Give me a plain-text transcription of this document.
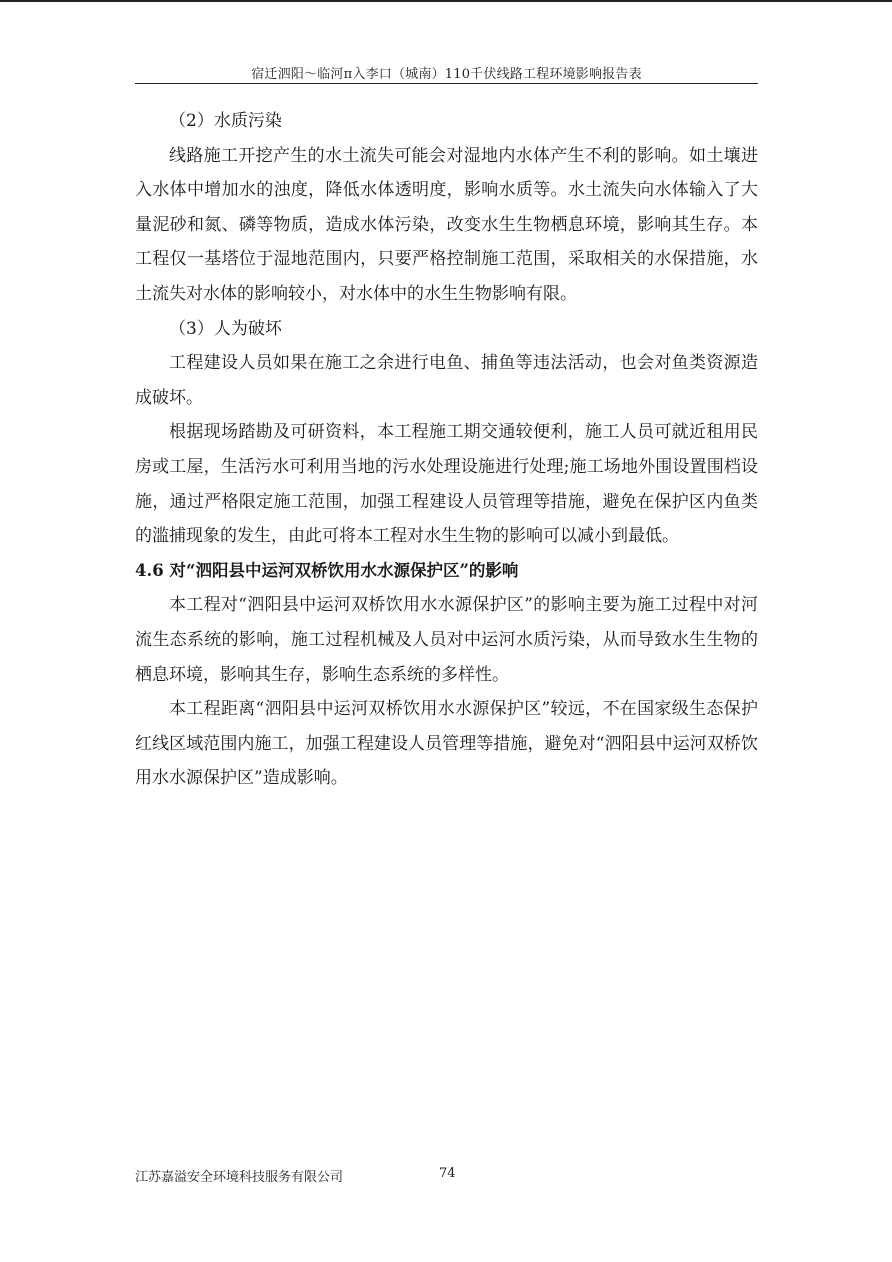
宿迁泗阳～临河π入李口（城南）110千伏线路工程环境影响报告表

（2）水质污染

线路施工开挖产生的水土流失可能会对湿地内水体产生不利的影响。如土壤进入水体中增加水的浊度，降低水体透明度，影响水质等。水土流失向水体输入了大量泥砂和氮、磷等物质，造成水体污染，改变水生生物栖息环境，影响其生存。本工程仅一基塔位于湿地范围内，只要严格控制施工范围，采取相关的水保措施，水土流失对水体的影响较小，对水体中的水生生物影响有限。

（3）人为破坏

工程建设人员如果在施工之余进行电鱼、捕鱼等违法活动，也会对鱼类资源造成破坏。

根据现场踏勘及可研资料，本工程施工期交通较便利，施工人员可就近租用民房或工屋，生活污水可利用当地的污水处理设施进行处理;施工场地外围设置围档设施，通过严格限定施工范围，加强工程建设人员管理等措施，避免在保护区内鱼类的滥捕现象的发生，由此可将本工程对水生生物的影响可以减小到最低。

4.6 对“泗阳县中运河双桥饮用水水源保护区”的影响

本工程对“泗阳县中运河双桥饮用水水源保护区”的影响主要为施工过程中对河流生态系统的影响，施工过程机械及人员对中运河水质污染，从而导致水生生物的栖息环境，影响其生存，影响生态系统的多样性。

本工程距离“泗阳县中运河双桥饮用水水源保护区”较远，不在国家级生态保护红线区域范围内施工，加强工程建设人员管理等措施，避免对“泗阳县中运河双桥饮用水水源保护区”造成影响。

江苏嘉溢安全环境科技服务有限公司	74
